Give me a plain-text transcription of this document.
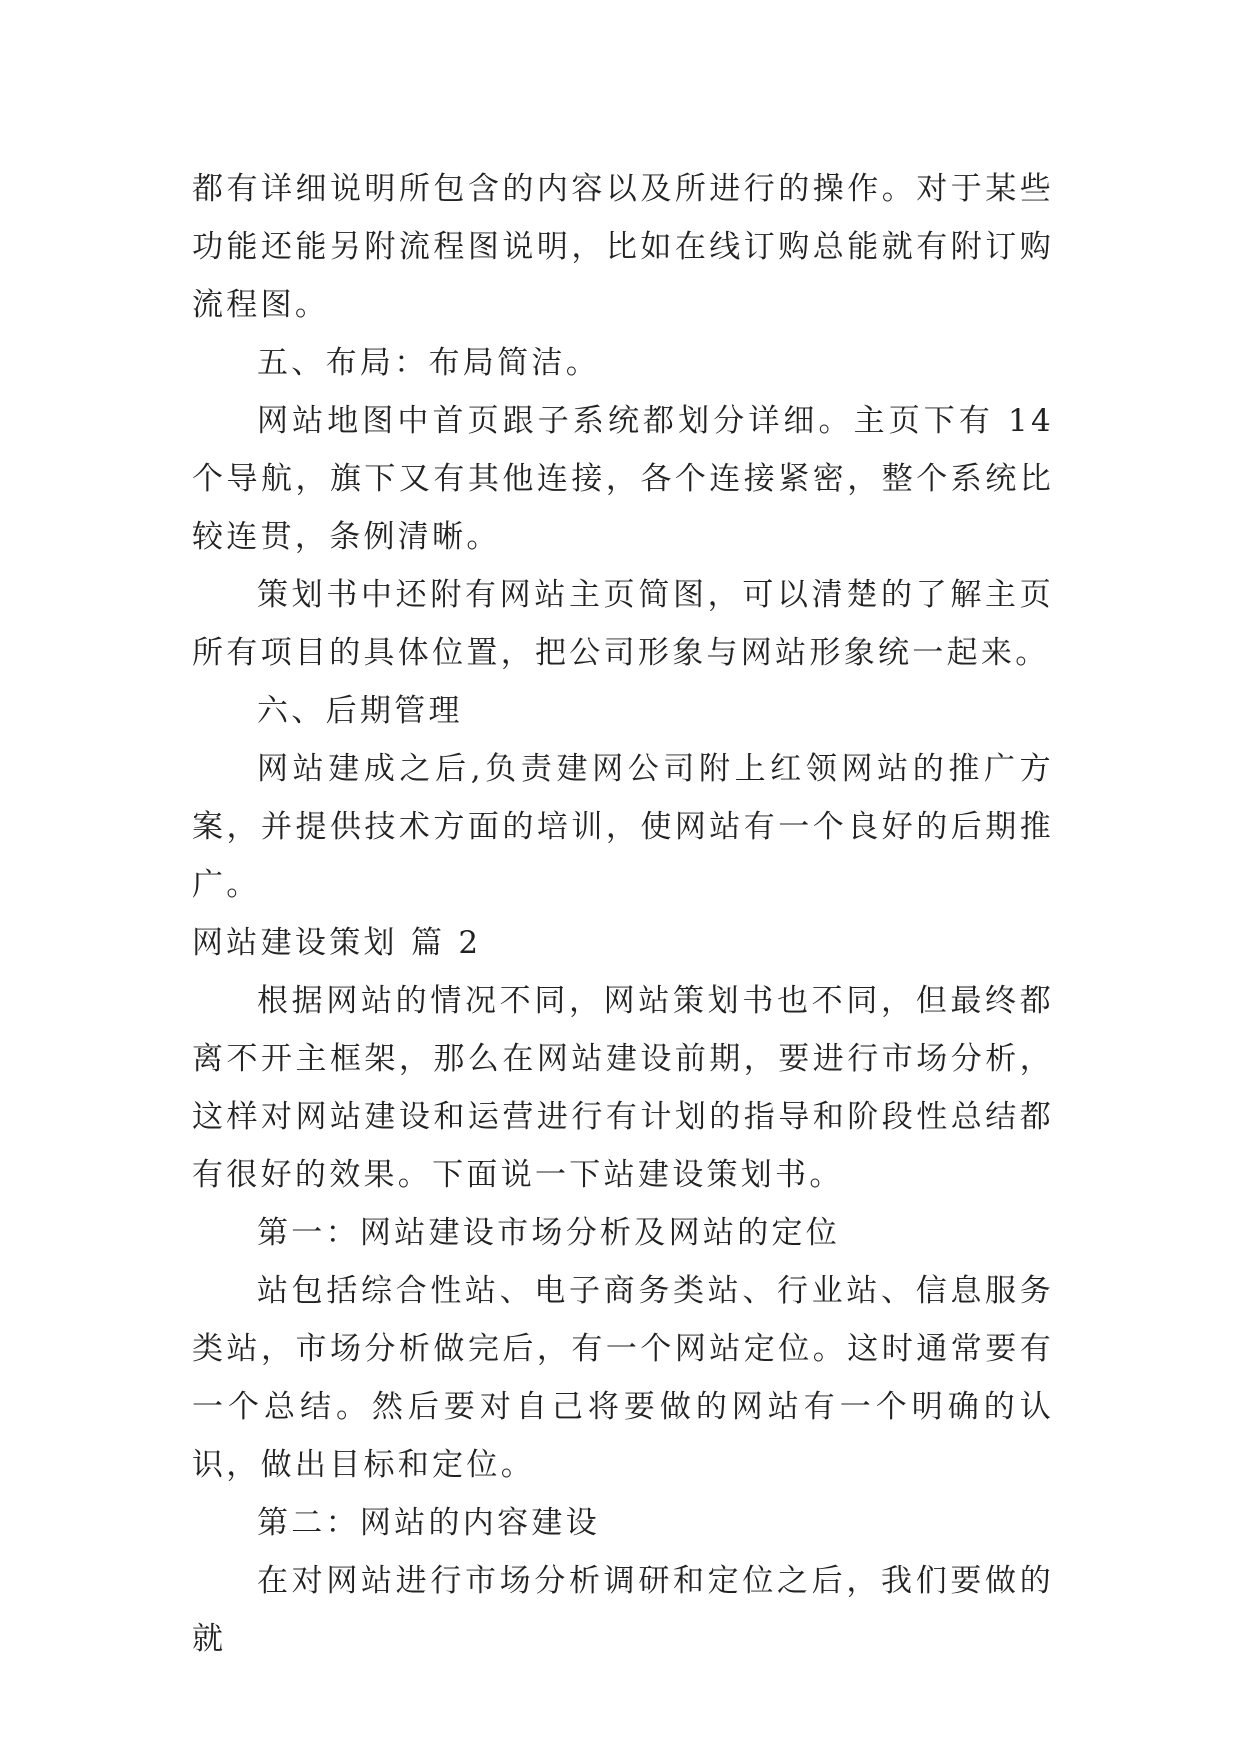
都有详细说明所包含的内容以及所进行的操作。对于某些功能还能另附流程图说明，比如在线订购总能就有附订购流程图。

五、布局：布局简洁。

网站地图中首页跟子系统都划分详细。主页下有 14 个导航，旗下又有其他连接，各个连接紧密，整个系统比较连贯，条例清晰。

策划书中还附有网站主页简图，可以清楚的了解主页所有项目的具体位置，把公司形象与网站形象统一起来。

六、后期管理

网站建成之后,负责建网公司附上红领网站的推广方案，并提供技术方面的培训，使网站有一个良好的后期推广。

网站建设策划 篇 2

根据网站的情况不同，网站策划书也不同，但最终都离不开主框架，那么在网站建设前期，要进行市场分析，这样对网站建设和运营进行有计划的指导和阶段性总结都有很好的效果。下面说一下站建设策划书。

第一：网站建设市场分析及网站的定位

站包括综合性站、电子商务类站、行业站、信息服务类站，市场分析做完后，有一个网站定位。这时通常要有一个总结。然后要对自己将要做的网站有一个明确的认识，做出目标和定位。

第二：网站的内容建设

在对网站进行市场分析调研和定位之后，我们要做的就
